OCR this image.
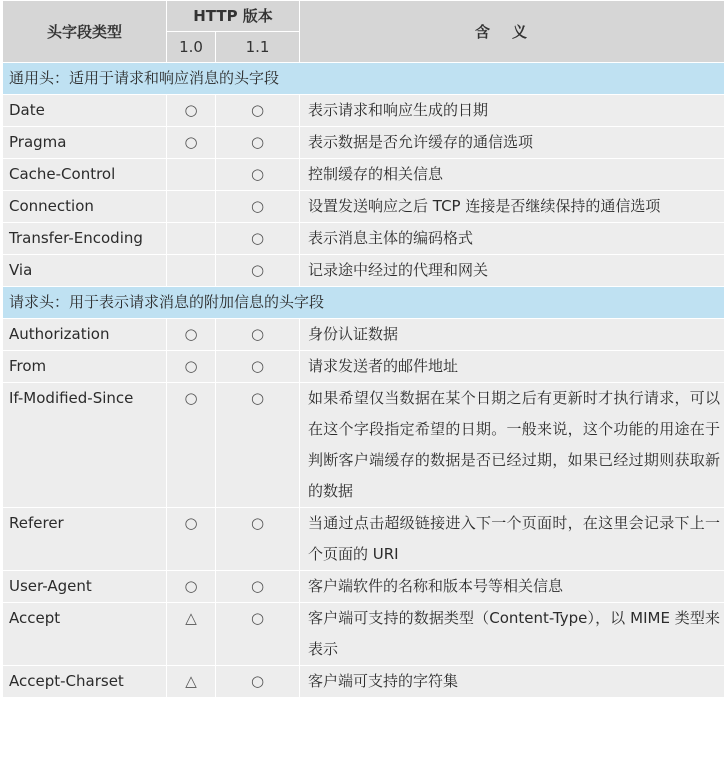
头字段类型	HTTP 版本		含义
	1.0	1.1	
通用头：适用于请求和响应消息的头字段			
Date	○	○	表示请求和响应生成的日期
Pragma	○	○	表示数据是否允许缓存的通信选项
Cache-Control		○	控制缓存的相关信息
Connection		○	设置发送响应之后 TCP 连接是否继续保持的通信选项
Transfer-Encoding		○	表示消息主体的编码格式
Via		○	记录途中经过的代理和网关
请求头：用于表示请求消息的附加信息的头字段			
Authorization	○	○	身份认证数据
From	○	○	请求发送者的邮件地址
If-Modified-Since	○	○	如果希望仅当数据在某个日期之后有更新时才执行请求，可以在这个字段指定希望的日期。一般来说，这个功能的用途在于判断客户端缓存的数据是否已经过期，如果已经过期则获取新的数据
Referer	○	○	当通过点击超级链接进入下一个页面时，在这里会记录下上一个页面的 URI
User-Agent	○	○	客户端软件的名称和版本号等相关信息
Accept	△	○	客户端可支持的数据类型（Content-Type），以 MIME 类型来表示
Accept-Charset	△	○	客户端可支持的字符集
